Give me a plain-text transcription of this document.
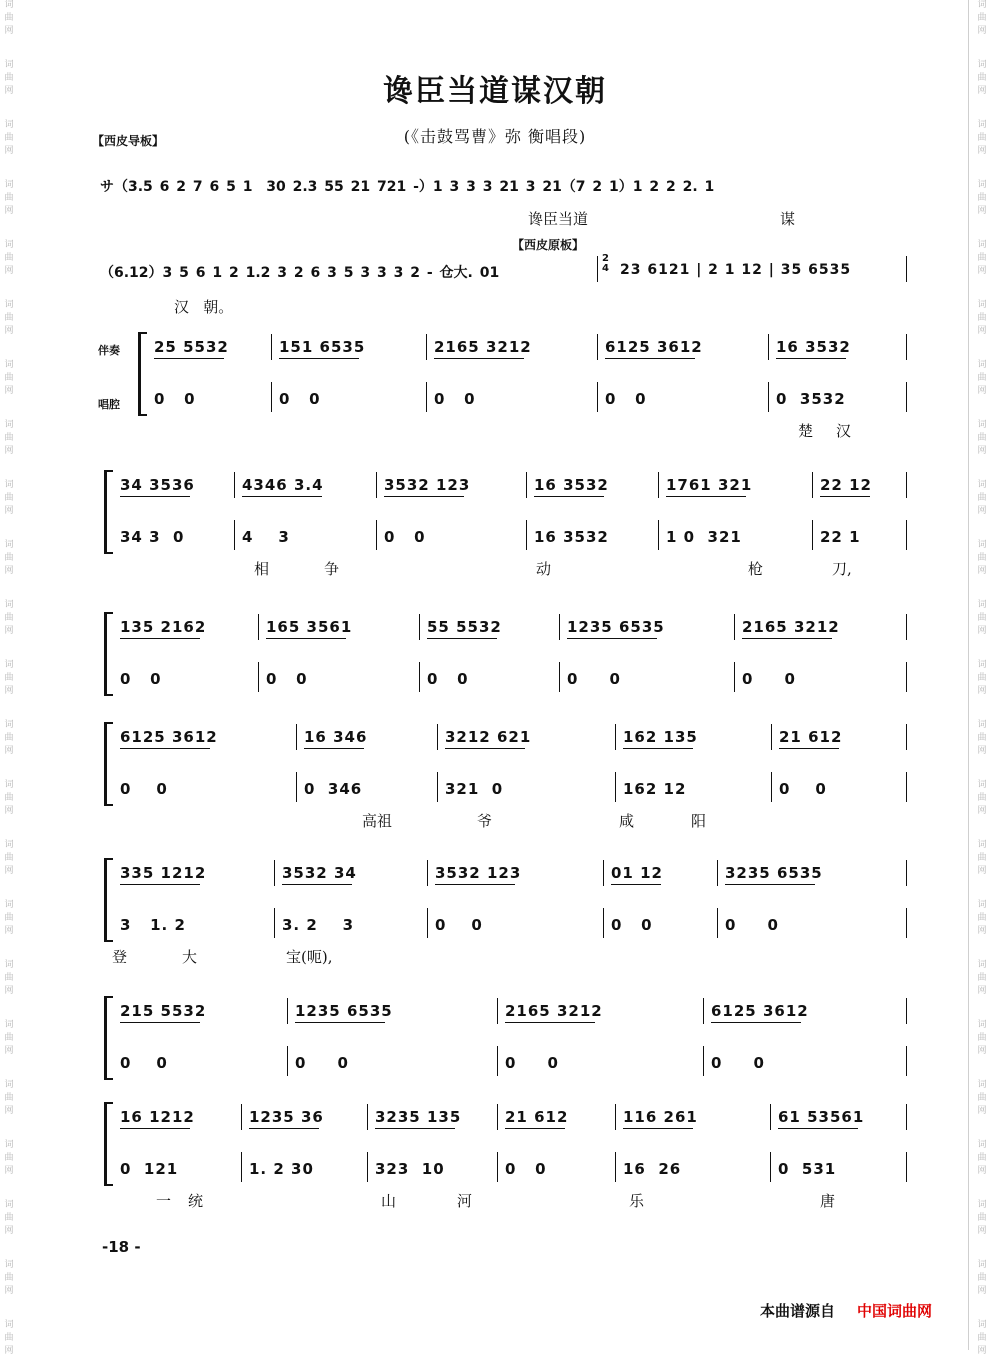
词
曲
网
词
曲
网
词
曲
网
词
曲
网
词
曲
网
词
曲
网
词
曲
网
词
曲
网
词
曲
网
词
曲
网
词
曲
网
词
曲
网
词
曲
网
词
曲
网
词
曲
网
词
曲
网
词
曲
网
词
曲
网
词
曲
网
词
曲
网
词
曲
网
词
曲
网
词
曲
网
词
曲
网
词
曲
网
词
曲
网
词
曲
网
词
曲
网
词
曲
网
词
曲
网
词
曲
网
词
曲
网
词
曲
网
词
曲
网
词
曲
网
词
曲
网
词
曲
网
词
曲
网
词
曲
网
词
曲
网
词
曲
网
词
曲
网
词
曲
网
词
曲
网
词
曲
网
词
曲
网
谗臣当道谋汉朝
(《击鼓骂曹》弥 衡唱段)
【西皮导板】
サ（3.5 6 2 7 6 5 1  30 2.3 55 21 721 -）1 3 3 3 21 3 21（7 2 1）1 2 2 2. 1
谗臣当道	谋
【西皮原板】
（6.12）3 5 6 1 2 1.2 3 2 6 3 5 3 3 3 2 - 仓大. 01
2
4 23 6121 | 2 1 12 | 35 6535
汉   朝。
伴奏
唱腔
25 5532	151 6535	2165 3212	6125 3612	16 3532
0   0	0   0	0   0	0   0	0  3532
楚 汉
34 3536	4346 3.4	3532 123	16 3532	1761 321	22 12
34 3  0	4    3	0   0	16 3532	1 0  321	22 1
相	争	动	枪	刀,
135 2162	165 3561	55 5532	1235 6535	2165 3212
0   0	0   0	0   0	0     0	0     0
6125 3612	16 346	3212 621	162 135	21 612
0    0	0  346	321  0	162 12	0    0
高祖	爷	咸	阳
335 1212	3532 34	3532 123	01 12	3235 6535
3   1. 2	3. 2    3	0    0	0   0	0     0
登	大	宝(呃),
215 5532	1235 6535	2165 3212	6125 3612
0    0	0     0	0     0	0     0
16 1212	1235 36	3235 135	21 612	116 261	61 53561
0  121	1. 2 30	323  10	0   0	16  26	0  531
一 统	山	河	乐	唐
-18 -
本曲谱源自 中国词曲网
